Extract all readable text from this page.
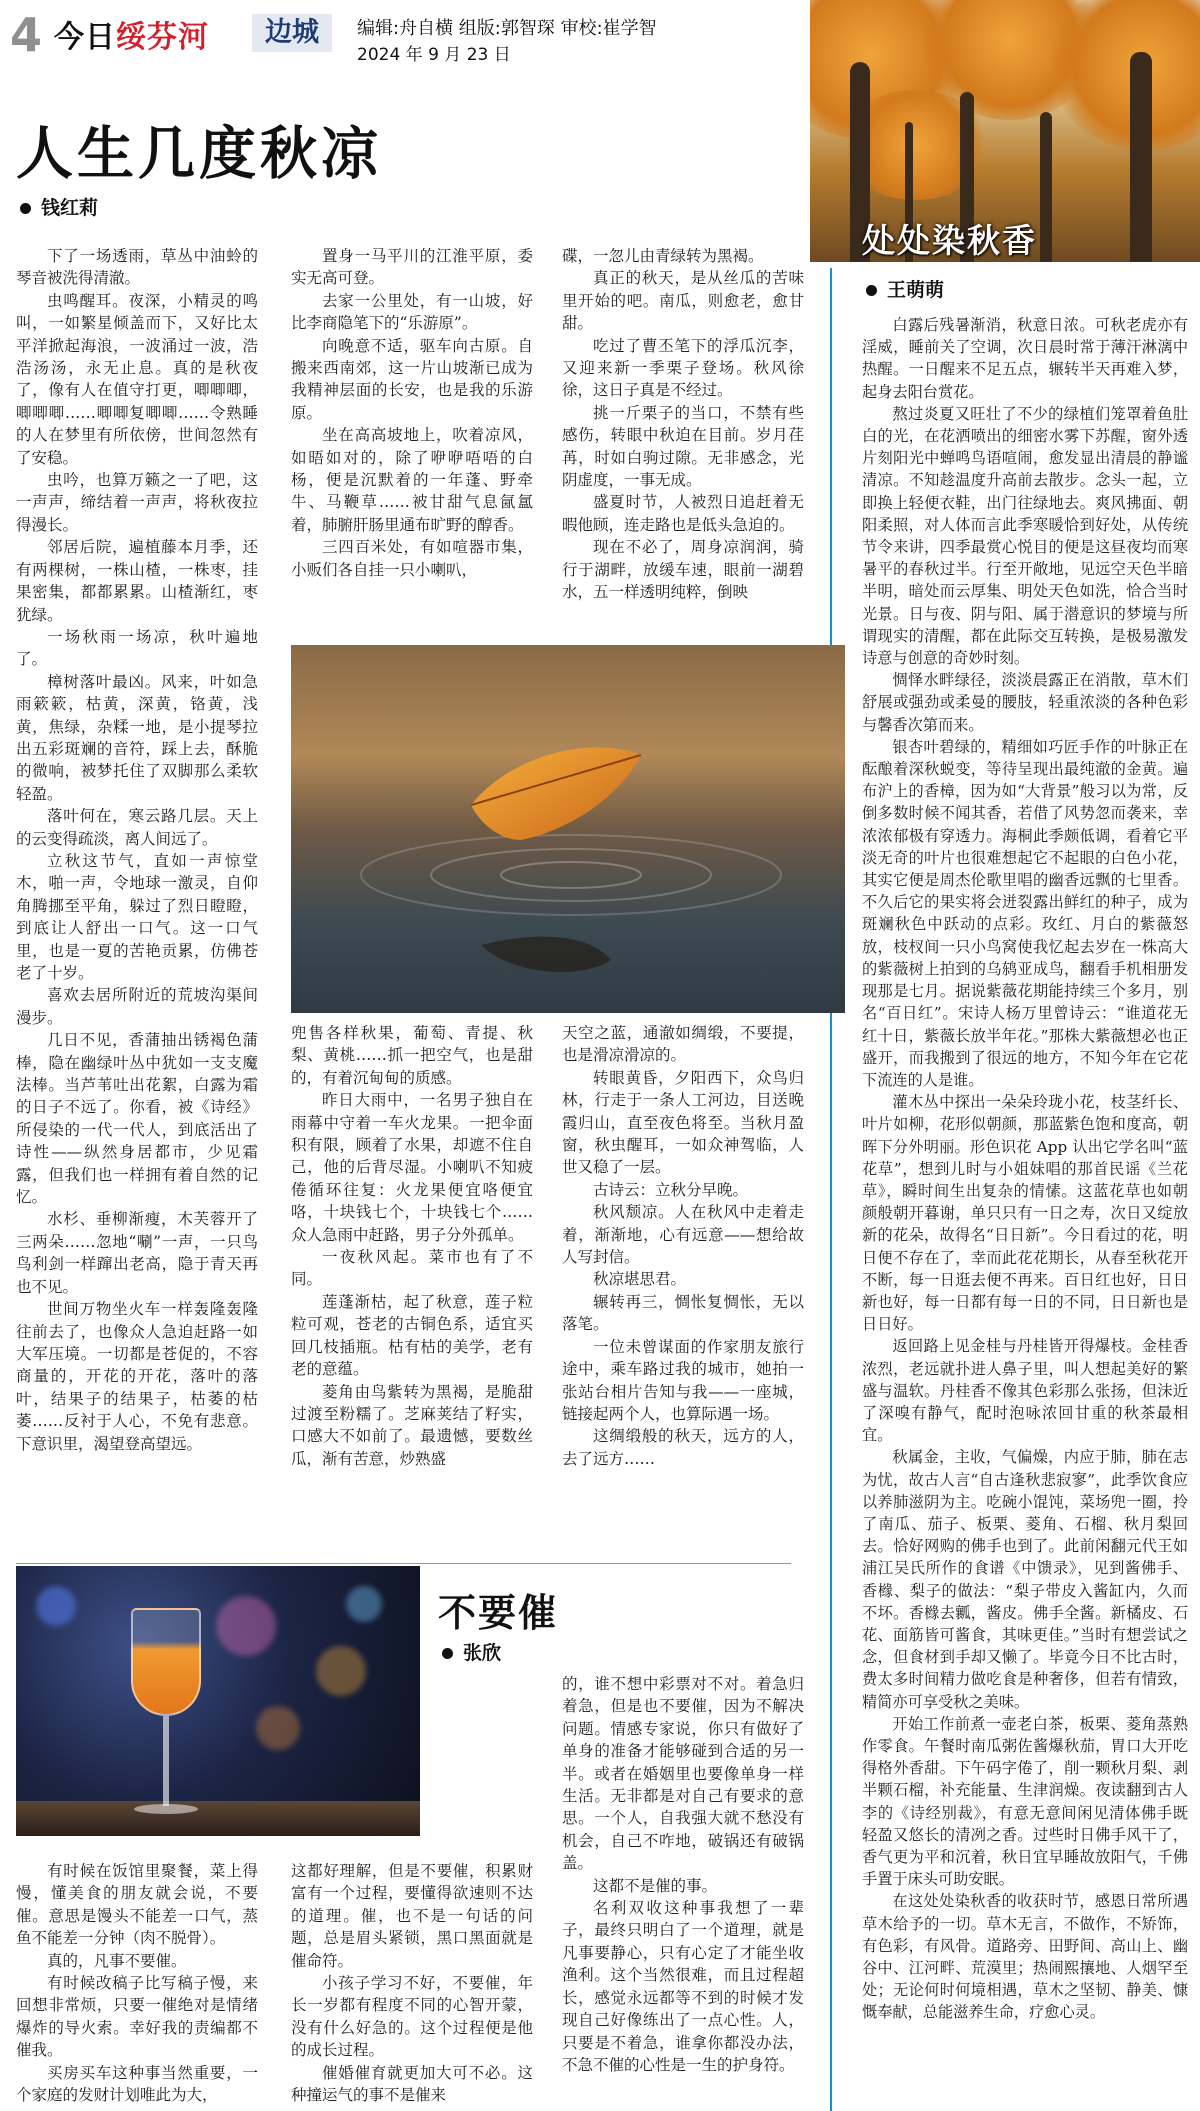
4 今日绥芬河	边城	编辑:舟自横 组版:郭智琛 审校:崔学智
2024 年 9 月 23 日
处处染秋香
人生几度秋凉
钱红莉

下了一场透雨，草丛中油蛉的琴音被洗得清澈。

虫鸣醒耳。夜深，小精灵的鸣叫，一如繁星倾盖而下，又好比太平洋掀起海浪，一波涌过一波，浩浩汤汤，永无止息。真的是秋夜了，像有人在值守打更，唧唧唧，唧唧唧……唧唧复唧唧……令熟睡的人在梦里有所依傍，世间忽然有了安稳。

虫吟，也算万籁之一了吧，这一声声，缔结着一声声，将秋夜拉得漫长。

邻居后院，遍植藤本月季，还有两棵树，一株山楂，一株枣，挂果密集，都都累累。山楂渐红，枣犹绿。

一场秋雨一场凉，秋叶遍地了。

樟树落叶最凶。风来，叶如急雨簌簌，枯黄，深黄，铬黄，浅黄，焦绿，杂糅一地，是小提琴拉出五彩斑斓的音符，踩上去，酥脆的微响，被梦托住了双脚那么柔软轻盈。

落叶何在，寒云路几层。天上的云变得疏淡，离人间远了。

立秋这节气，直如一声惊堂木，啪一声，令地球一激灵，自仰角腾挪至平角，躲过了烈日瞪瞪，到底让人舒出一口气。这一口气里，也是一夏的苦艳贡累，仿佛苍老了十岁。

喜欢去居所附近的荒坡沟渠间漫步。

几日不见，香蒲抽出锈褐色蒲棒，隐在幽绿叶丛中犹如一支支魔法棒。当芦苇吐出花絮，白露为霜的日子不远了。你看，被《诗经》所侵染的一代一代人，到底活出了诗性——纵然身居都市，少见霜露，但我们也一样拥有着自然的记忆。

水杉、垂柳渐瘦，木芙蓉开了三两朵……忽地“唰”一声，一只鸟鸟利剑一样蹿出老高，隐于青天再也不见。

世间万物坐火车一样轰隆轰隆往前去了，也像众人急迫赶路一如大军压境。一切都是苍促的，不容商量的，开花的开花，落叶的落叶，结果子的结果子，枯萎的枯萎……反衬于人心，不免有悲意。下意识里，渴望登高望远。

置身一马平川的江淮平原，委实无高可登。

去家一公里处，有一山坡，好比李商隐笔下的“乐游原”。

向晚意不适，驱车向古原。自搬来西南郊，这一片山坡渐已成为我精神层面的长安，也是我的乐游原。

坐在高高坡地上，吹着凉风，如晤如对的，除了咿咿唔唔的白杨，便是沉默着的一年蓬、野牵牛、马鞭草……被甘甜气息氤氲着，肺腑肝肠里通布旷野的醇香。

三四百米处，有如喧器市集，小贩们各自挂一只小喇叭，

碟，一忽儿由青绿转为黑褐。

真正的秋天，是从丝瓜的苦味里开始的吧。南瓜，则愈老，愈甘甜。

吃过了曹丕笔下的浮瓜沉李，又迎来新一季栗子登场。秋风徐徐，这日子真是不经过。

挑一斤栗子的当口，不禁有些感伤，转眼中秋迫在目前。岁月荏苒，时如白驹过隙。无非感念，光阴虚度，一事无成。

盛夏时节，人被烈日追赶着无暇他顾，连走路也是低头急迫的。

现在不必了，周身凉润润，骑行于湖畔，放缓车速，眼前一湖碧水，五一样透明纯粹，倒映

兜售各样秋果，葡萄、青提、秋梨、黄桃……抓一把空气，也是甜的，有着沉甸甸的质感。

昨日大雨中，一名男子独自在雨幕中守着一车火龙果。一把伞面积有限，顾着了水果，却遮不住自己，他的后背尽湿。小喇叭不知疲倦循环往复：火龙果便宜咯便宜咯，十块钱七个，十块钱七个……众人急雨中赶路，男子分外孤单。

一夜秋风起。菜市也有了不同。

莲蓬渐枯，起了秋意，莲子粒粒可观，苍老的古铜色系，适宜买回几枝插瓶。枯有枯的美学，老有老的意蕴。

菱角由鸟紫转为黑褐，是脆甜过渡至粉糯了。芝麻荚结了籽实，口感大不如前了。最遗憾，要数丝瓜，渐有苦意，炒熟盛

天空之蓝，通澈如绸缎，不要提，也是滑凉滑凉的。

转眼黄昏，夕阳西下，众鸟归林，行走于一条人工河边，目送晚霞归山，直至夜色将至。当秋月盈窗，秋虫醒耳，一如众神驾临，人世又稳了一层。

古诗云：立秋分早晚。

秋风颓凉。人在秋风中走着走着，渐渐地，心有远意——想给故人写封信。

秋凉堪思君。

辗转再三，惆怅复惆怅，无以落笔。

一位未曾谋面的作家朋友旅行途中，乘车路过我的城市，她拍一张站台相片告知与我——一座城，链接起两个人，也算际遇一场。

这绸缎般的秋天，远方的人，去了远方……

王萌萌

白露后残暑渐消，秋意日浓。可秋老虎亦有淫威，睡前关了空调，次日晨时常于薄汗淋漓中热醒。一日醒来不足五点，辗转半天再难入梦，起身去阳台赏花。

熬过炎夏又旺壮了不少的绿植们笼罩着鱼肚白的光，在花洒喷出的细密水雾下苏醒，窗外透片刻阳光中蝉鸣鸟语喧闹，愈发显出清晨的静谧清凉。不知趁温度升高前去散步。念头一起，立即换上轻便衣鞋，出门往绿地去。爽风拂面、朝阳柔照，对人体而言此季寒暖恰到好处，从传统节令来讲，四季最赏心悦目的便是这昼夜均而寒暑平的春秋过半。行至开敞地，见远空天色半暗半明，暗处而云厚集、明处天色如洗，恰合当时光景。日与夜、阴与阳、属于潜意识的梦境与所谓现实的清醒，都在此际交互转换，是极易激发诗意与创意的奇妙时刻。

惆怿水畔绿径，淡淡晨露正在消散，草木们舒展或强劲或柔曼的腰肢，轻重浓淡的各种色彩与馨香次第而来。

银杏叶碧绿的，精细如巧匠手作的叶脉正在酝酿着深秋蜕变，等待呈现出最纯澈的金黄。遍布沪上的香樟，因为如“大背景”般习以为常，反倒多数时候不闻其香，若借了风势忽而袭来，幸浓浓郁极有穿透力。海桐此季颇低调，看着它平淡无奇的叶片也很难想起它不起眼的白色小花，其实它便是周杰伦歌里唱的幽香远飘的七里香。不久后它的果实将会迸裂露出鲜红的种子，成为斑斓秋色中跃动的点彩。玫红、月白的紫薇怒放，枝杈间一只小鸟窝使我忆起去岁在一株高大的紫薇树上拍到的乌鸫亚成鸟，翻看手机相册发现那是七月。据说紫薇花期能持续三个多月，别名“百日红”。宋诗人杨万里曾诗云：“谁道花无红十日，紫薇长放半年花。”那株大紫薇想必也正盛开，而我搬到了很远的地方，不知今年在它花下流连的人是谁。

灌木丛中探出一朵朵玲珑小花，枝茎纤长、叶片如柳，花形似朝颜，那蓝紫色饱和度高，朝晖下分外明丽。形色识花 App 认出它学名叫“蓝花草”，想到儿时与小姐妹唱的那首民谣《兰花草》，瞬时间生出复杂的情愫。这蓝花草也如朝颜般朝开暮谢，单只只有一日之寿，次日又绽放新的花朵，故得名“日日新”。今日看过的花，明日便不存在了，幸而此花花期长，从春至秋花开不断，每一日逛去便不再来。百日红也好，日日新也好，每一日都有每一日的不同，日日新也是日日好。

返回路上见金桂与丹桂皆开得爆枝。金桂香浓烈，老远就扑进人鼻子里，叫人想起美好的繁盛与温软。丹桂香不像其色彩那么张扬，但沫近了深嗅有静气，配时泡咏浓回甘重的秋茶最相宜。

秋属金，主收，气偏燥，内应于肺，肺在志为忧，故古人言“自古逢秋悲寂寥”，此季饮食应以养肺滋阴为主。吃碗小馄饨，菜场兜一圈，拎了南瓜、茄子、板栗、菱角、石榴、秋月梨回去。恰好网购的佛手也到了。此前闲翻元代王如浦江吴氏所作的食谱《中馈录》，见到酱佛手、香橼、梨子的做法：“梨子带皮入酱缸内，久而不坏。香橼去瓤，酱皮。佛手全酱。新橘皮、石花、面筋皆可酱食，其味更佳。”当时有想尝试之念，但食材到手却又懒了。毕竟今日不比古时，费太多时间精力做吃食是种奢侈，但若有情致，精简亦可享受秋之美味。

开始工作前煮一壶老白茶，板栗、菱角蒸熟作零食。午餐时南瓜粥佐酱爆秋茄，胃口大开吃得格外香甜。下午码字倦了，削一颗秋月梨、剥半颗石榴，补充能量、生津润燥。夜读翻到古人李的《诗经别裁》，有意无意间闲见清体佛手既轻盈又悠长的清冽之香。过些时日佛手风干了，香气更为平和沉着，秋日宜早睡故放阳气，千佛手置于床头可助安眠。

在这处处染秋香的收获时节，感恩日常所遇草木给予的一切。草木无言，不做作，不矫饰，有色彩，有风骨。道路旁、田野间、高山上、幽谷中、江河畔、荒漠里；热闹熙攘地、人烟罕至处；无论何时何境相遇，草木之坚韧、静美、慷慨奉献，总能滋养生命，疗愈心灵。

不要催
张欣

有时候在饭馆里聚餐，菜上得慢，懂美食的朋友就会说，不要催。意思是馒头不能差一口气，蒸鱼不能差一分钟（肉不脱骨）。

真的，凡事不要催。

有时候改稿子比写稿子慢，来回想非常烦，只要一催绝对是情绪爆炸的导火索。幸好我的责编都不催我。

买房买车这种事当然重要，一个家庭的发财计划唯此为大，

这都好理解，但是不要催，积累财富有一个过程，要懂得欲速则不达的道理。催，也不是一句话的问题，总是眉头紧锁，黑口黑面就是催命符。

小孩子学习不好，不要催，年长一岁都有程度不同的心智开蒙，没有什么好急的。这个过程便是他的成长过程。

催婚催育就更加大可不必。这种撞运气的事不是催来

的，谁不想中彩票对不对。着急归着急，但是也不要催，因为不解决问题。情感专家说，你只有做好了单身的准备才能够碰到合适的另一半。或者在婚姻里也要像单身一样生活。无非都是对自己有要求的意思。一个人，自我强大就不愁没有机会，自己不咋地，破锅还有破锅盖。

这都不是催的事。

名利双收这种事我想了一辈子，最终只明白了一个道理，就是凡事要静心，只有心定了才能坐收渔利。这个当然很难，而且过程超长，感觉永远都等不到的时候才发现自己好像练出了一点心性。人，只要是不着急，谁拿你都没办法，不急不催的心性是一生的护身符。
